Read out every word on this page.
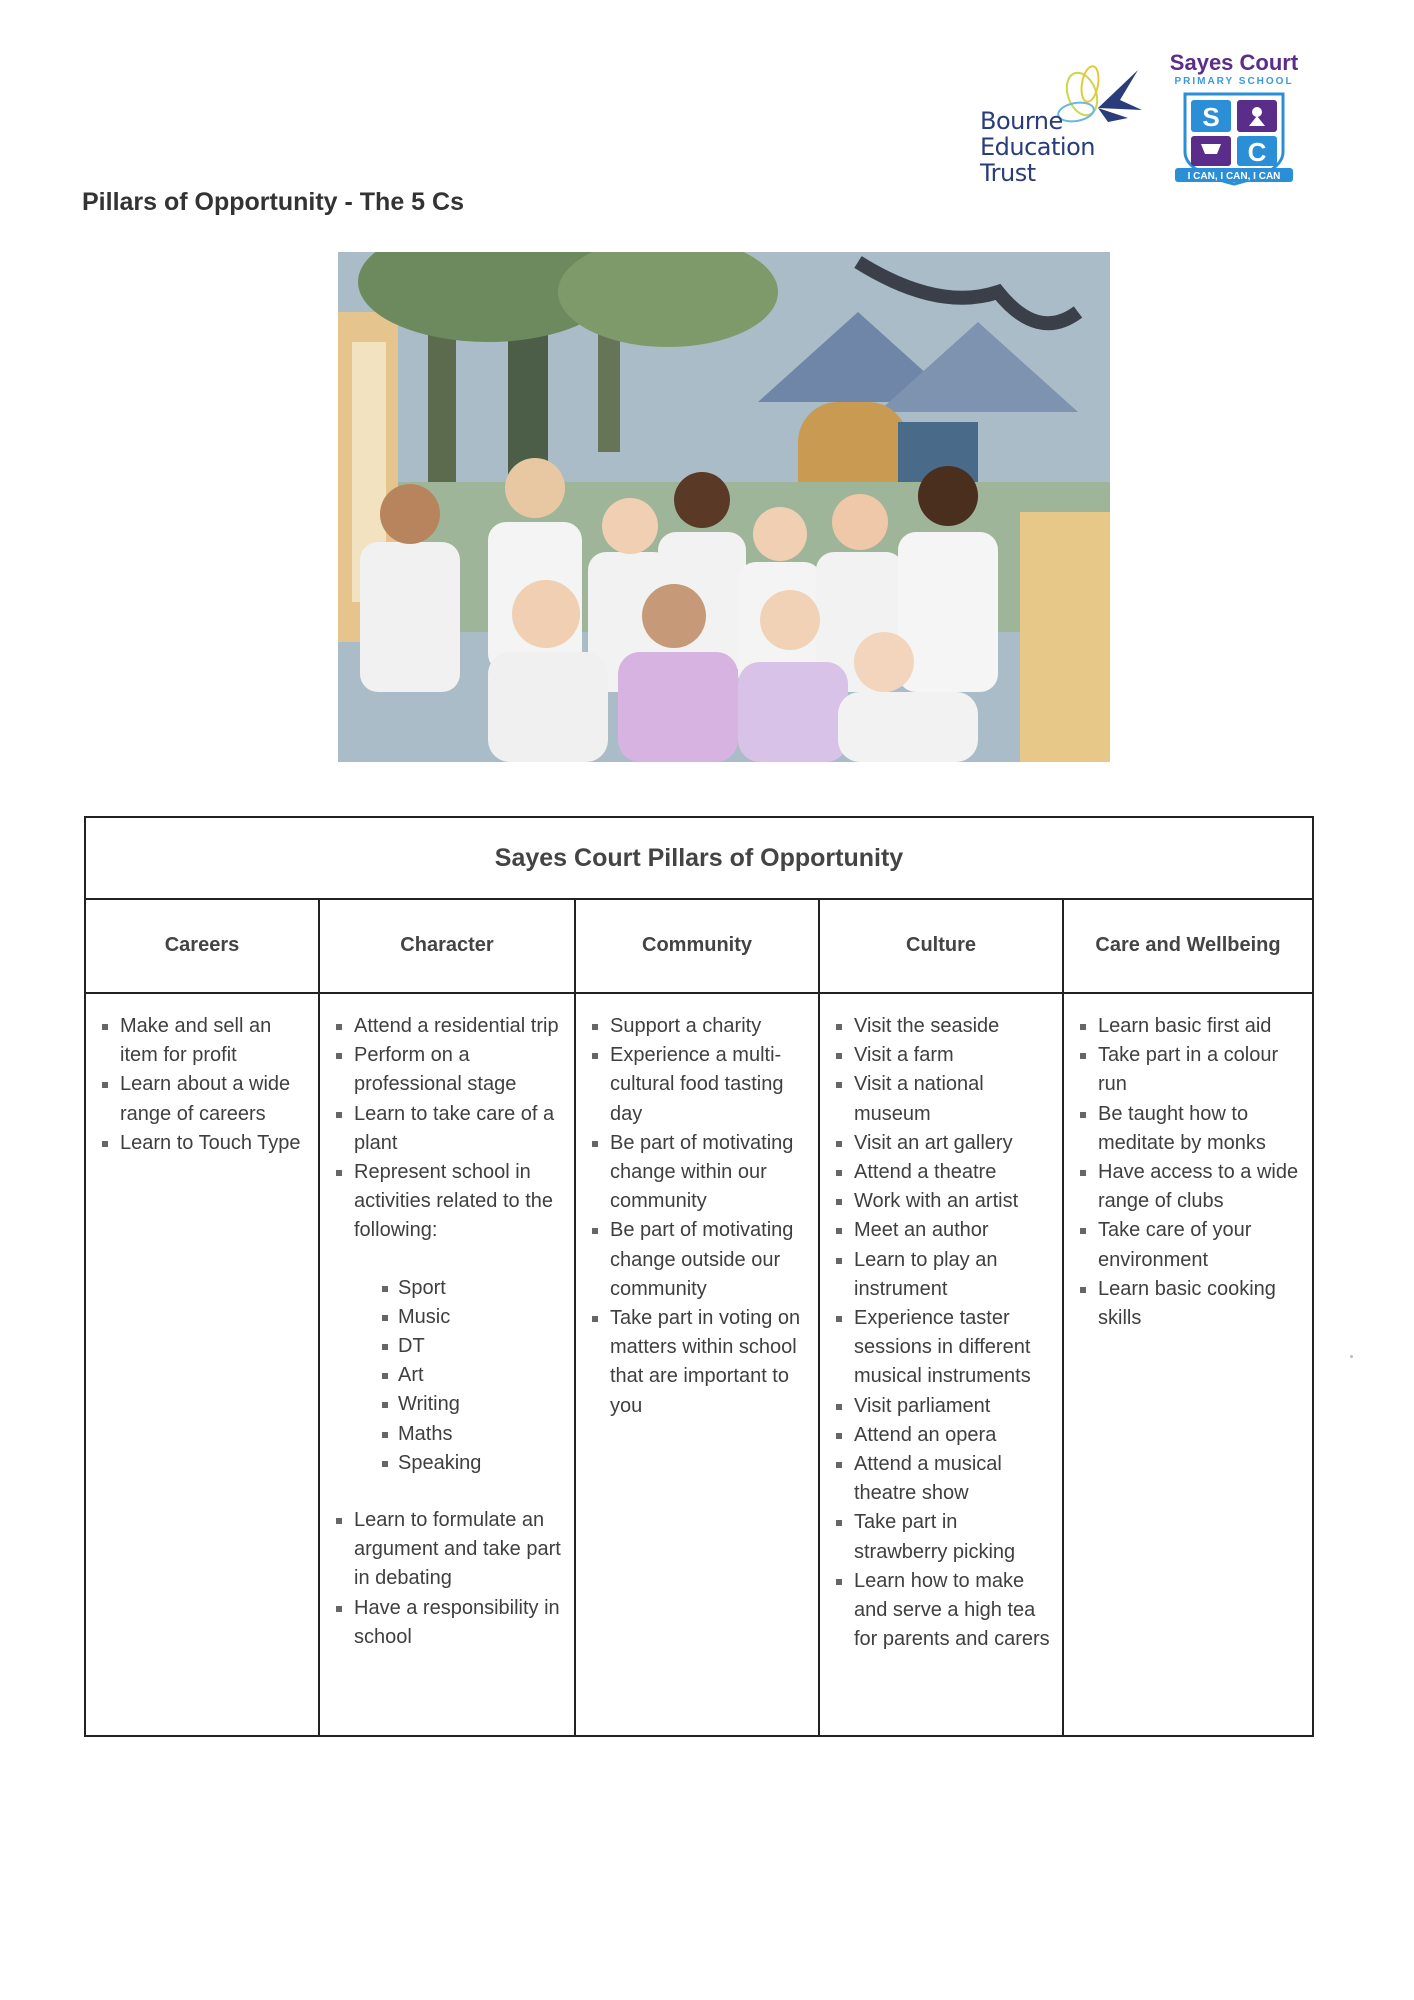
Bourne
Education
Trust
Sayes Court
PRIMARY SCHOOL
S
C
I CAN, I CAN, I CAN
Pillars of Opportunity - The 5 Cs
Sayes Court Pillars of Opportunity
Careers
Make and sell an item for profit
Learn about a wide range of careers
Learn to Touch Type
Character
Attend a residential trip
Perform on a professional stage
Learn to take care of a plant
Represent school in activities related to the following:
Sport
Music
DT
Art
Writing
Maths
Speaking
Learn to formulate an argument and take part in debating
Have a responsibility in school
Community
Support a charity
Experience a multi-cultural food tasting day
Be part of motivating change within our community
Be part of motivating change outside our community
Take part in voting on matters within school that are important to you
Culture
Visit the seaside
Visit a farm
Visit a national museum
Visit an art gallery
Attend a theatre
Work with an artist
Meet an author
Learn to play an instrument
Experience taster sessions in different musical instruments
Visit parliament
Attend an opera
Attend a musical theatre show
Take part in strawberry picking
Learn how to make and serve a high tea for parents and carers
Care and Wellbeing
Learn basic first aid
Take part in a colour run
Be taught how to meditate by monks
Have access to a wide range of clubs
Take care of your environment
Learn basic cooking skills
